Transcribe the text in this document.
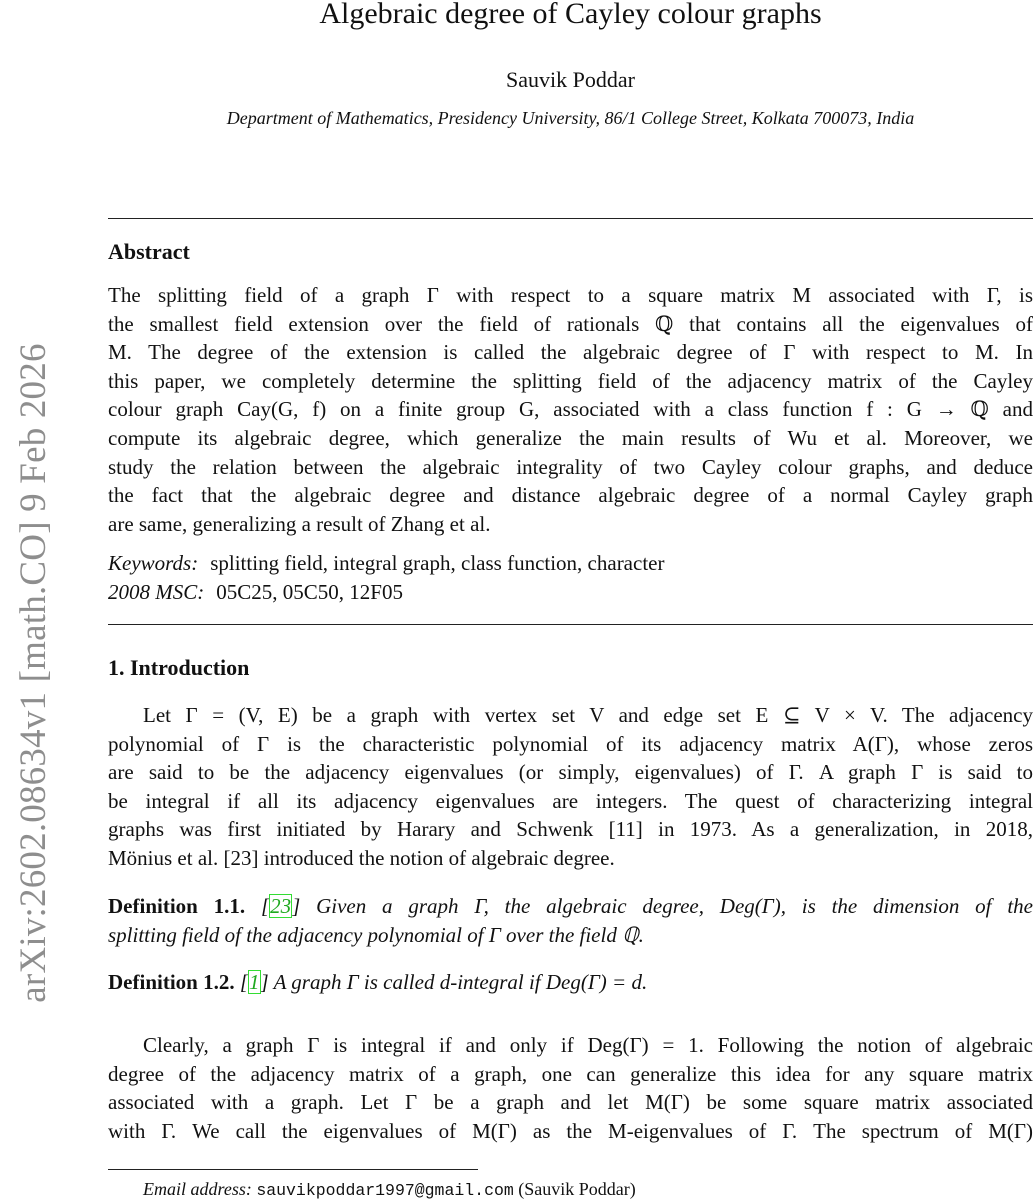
arXiv:2602.08634v1 [math.CO] 9 Feb 2026
Algebraic degree of Cayley colour graphs
Sauvik Poddar
Department of Mathematics, Presidency University, 86/1 College Street, Kolkata 700073, India
Abstract
The splitting field of a graph Γ with respect to a square matrix M associated with Γ, is
the smallest field extension over the field of rationals ℚ that contains all the eigenvalues of
M. The degree of the extension is called the algebraic degree of Γ with respect to M. In
this paper, we completely determine the splitting field of the adjacency matrix of the Cayley
colour graph Cay(G, f) on a finite group G, associated with a class function f : G → ℚ and
compute its algebraic degree, which generalize the main results of Wu et al. Moreover, we
study the relation between the algebraic integrality of two Cayley colour graphs, and deduce
the fact that the algebraic degree and distance algebraic degree of a normal Cayley graph
are same, generalizing a result of Zhang et al.
Keywords: splitting field, integral graph, class function, character
2008 MSC: 05C25, 05C50, 12F05
1. Introduction
Let Γ = (V, E) be a graph with vertex set V and edge set E ⊆ V × V. The adjacency
polynomial of Γ is the characteristic polynomial of its adjacency matrix A(Γ), whose zeros
are said to be the adjacency eigenvalues (or simply, eigenvalues) of Γ. A graph Γ is said to
be integral if all its adjacency eigenvalues are integers. The quest of characterizing integral
graphs was first initiated by Harary and Schwenk [11] in 1973. As a generalization, in 2018,
Mönius et al. [23] introduced the notion of algebraic degree.
Definition 1.1. [23] Given a graph Γ, the algebraic degree, Deg(Γ), is the dimension of the
splitting field of the adjacency polynomial of Γ over the field ℚ.
Definition 1.2. [1] A graph Γ is called d-integral if Deg(Γ) = d.
Clearly, a graph Γ is integral if and only if Deg(Γ) = 1. Following the notion of algebraic
degree of the adjacency matrix of a graph, one can generalize this idea for any square matrix
associated with a graph. Let Γ be a graph and let M(Γ) be some square matrix associated
with Γ. We call the eigenvalues of M(Γ) as the M-eigenvalues of Γ. The spectrum of M(Γ)
Email address: sauvikpoddar1997@gmail.com (Sauvik Poddar)
